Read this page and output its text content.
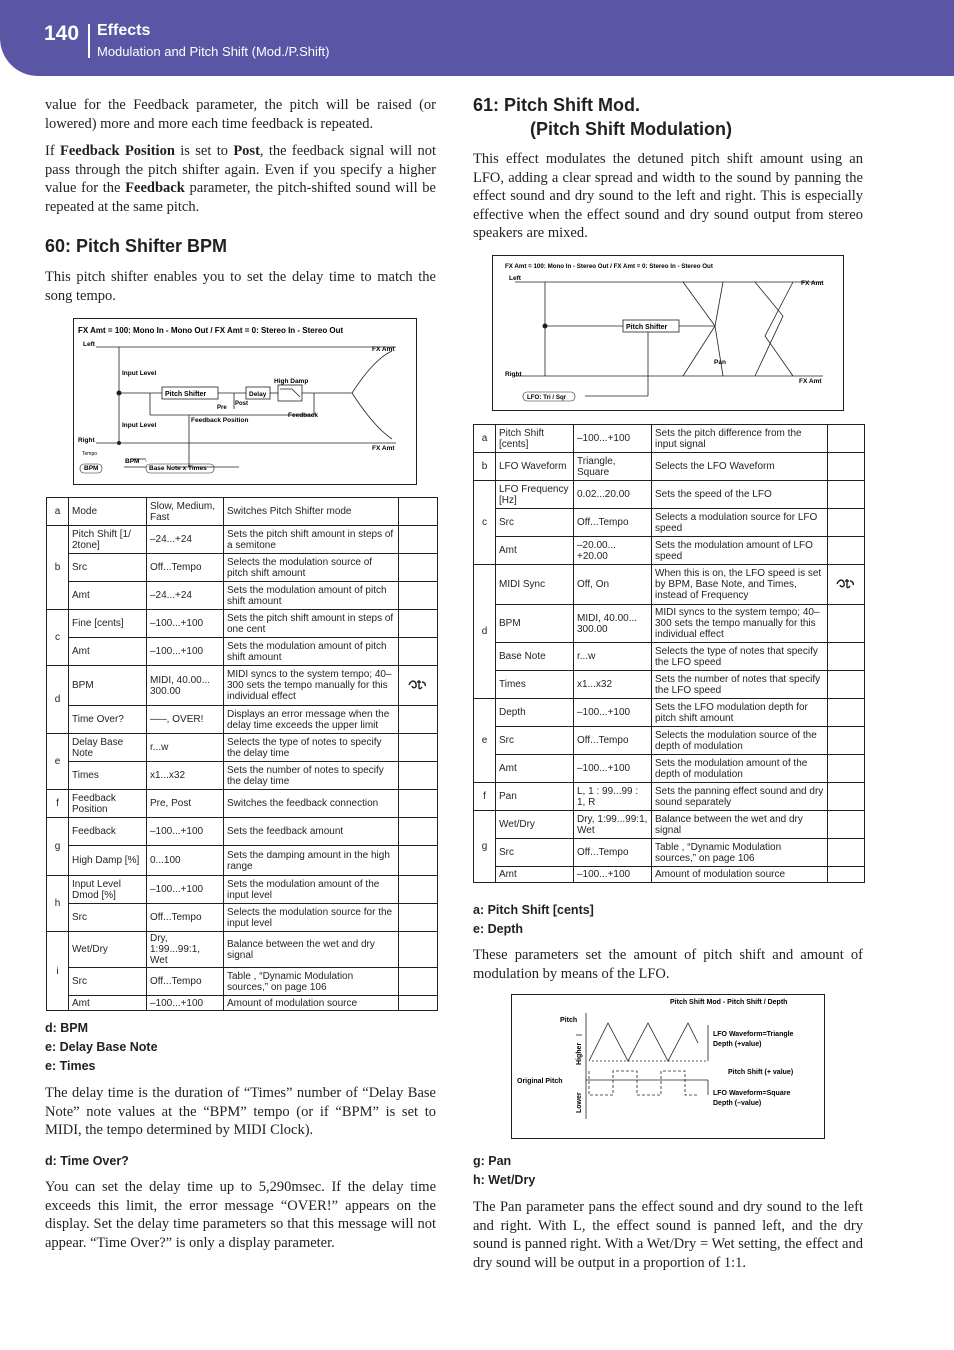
140 Effects
Modulation and Pitch Shift (Mod./P.Shift)

value for the Feedback parameter, the pitch will be raised (or lowered) more and more each time feedback is repeated.

If Feedback Position is set to Post, the feedback signal will not pass through the pitch shifter again. Even if you specify a higher value for the Feedback parameter, the pitch-shifted sound will be repeated at the same pitch.

60: Pitch Shifter BPM

This pitch shifter enables you to set the delay time to match the song tempo.

FX Amt = 100: Mono In - Mono Out / FX Amt = 0: Stereo In - Stereo Out
Left
Right
FX Amt
FX Amt
Input Level
Input Level
Pitch Shifter	Delay
High Damp
Pre
Post
Feedback
Feedback Position
Tempo
BPM
BPM
Base Note x Times
a	Mode	Slow, Medium, Fast	Switches Pitch Shifter mode	
b	Pitch Shift [1/ 2tone]	–24...+24	Sets the pitch shift amount in steps of a semitone	
	Src	Off...Tempo	Selects the modulation source of pitch shift amount	
	Amt	–24...+24	Sets the modulation amount of pitch shift amount	
c	Fine [cents]	–100...+100	Sets the pitch shift amount in steps of one cent	
	Amt	–100...+100	Sets the modulation amount of pitch shift amount	
d	BPM	MIDI, 40.00... 300.00	MIDI syncs to the system tempo; 40–300 sets the tempo manually for this individual effect	
	Time Over?	–––, OVER!	Displays an error message when the delay time exceeds the upper limit	
e	Delay Base Note	r...w	Selects the type of notes to specify the delay time	
	Times	x1...x32	Sets the number of notes to specify the delay time	
f	Feedback Position	Pre, Post	Switches the feedback connection	
g	Feedback	–100...+100	Sets the feedback amount	
	High Damp [%]	0...100	Sets the damping amount in the high range	
h	Input Level Dmod [%]	–100...+100	Sets the modulation amount of the input level	
	Src	Off...Tempo	Selects the modulation source for the input level	
i	Wet/Dry	Dry, 1:99...99:1, Wet	Balance between the wet and dry signal	
	Src	Off...Tempo	Table , “Dynamic Modulation sources,” on page 106	
	Amt	–100...+100	Amount of modulation source	
d: BPM
e: Delay Base Note
e: Times

The delay time is the duration of “Times” number of “Delay Base Note” note values at the “BPM” tempo (or if “BPM” is set to MIDI, the tempo determined by MIDI Clock).

d: Time Over?

You can set the delay time up to 5,290msec. If the delay time exceeds this limit, the error message “OVER!” appears on the display. Set the delay time parameters so that this message will not appear. “Time Over?” is only a display parameter.

61: Pitch Shift Mod.
(Pitch Shift Modulation)

This effect modulates the detuned pitch shift amount using an LFO, adding a clear spread and width to the sound by panning the effect sound and dry sound to the left and right. This is especially effective when the effect sound and dry sound output from stereo speakers are mixed.

FX Amt = 100: Mono In - Stereo Out / FX Amt = 0: Stereo In - Stereo Out
Left
Right
FX Amt
FX Amt
Pitch Shifter
Pan
LFO: Tri / Sqr
a	Pitch Shift [cents]	–100...+100	Sets the pitch difference from the input signal	
b	LFO Waveform	Triangle, Square	Selects the LFO Waveform	
c	LFO Frequency [Hz]	0.02...20.00	Sets the speed of the LFO	
	Src	Off...Tempo	Selects a modulation source for LFO speed	
	Amt	–20.00... +20.00	Sets the modulation amount of LFO speed	
d	MIDI Sync	Off, On	When this is on, the LFO speed is set by BPM, Base Note, and Times, instead of Frequency	
	BPM	MIDI, 40.00... 300.00	MIDI syncs to the system tempo; 40–300 sets the tempo manually for this individual effect	
	Base Note	r...w	Selects the type of notes that specify the LFO speed	
	Times	x1...x32	Sets the number of notes that specify the LFO speed	
e	Depth	–100...+100	Sets the LFO modulation depth for pitch shift amount	
	Src	Off...Tempo	Selects the modulation source of the depth of modulation	
	Amt	–100...+100	Sets the modulation amount of the depth of modulation	
f	Pan	L, 1 : 99...99 : 1, R	Sets the panning effect sound and dry sound separately	
g	Wet/Dry	Dry, 1:99...99:1, Wet	Balance between the wet and dry signal	
	Src	Off...Tempo	Table , “Dynamic Modulation sources,” on page 106	
	Amt	–100...+100	Amount of modulation source	
a: Pitch Shift [cents]
e: Depth

These parameters set the amount of pitch shift and amount of modulation by means of the LFO.

Pitch Shift Mod - Pitch Shift / Depth
Pitch
Original Pitch
Higher
Lower
LFO Waveform=Triangle
Depth (+value)
Pitch Shift (+ value)
LFO Waveform=Square
Depth (–value)
g: Pan
h: Wet/Dry

The Pan parameter pans the effect sound and dry sound to the left and right. With L, the effect sound is panned left, and the dry sound is panned right. With a Wet/Dry = Wet setting, the effect and dry sound will be output in a proportion of 1:1.
